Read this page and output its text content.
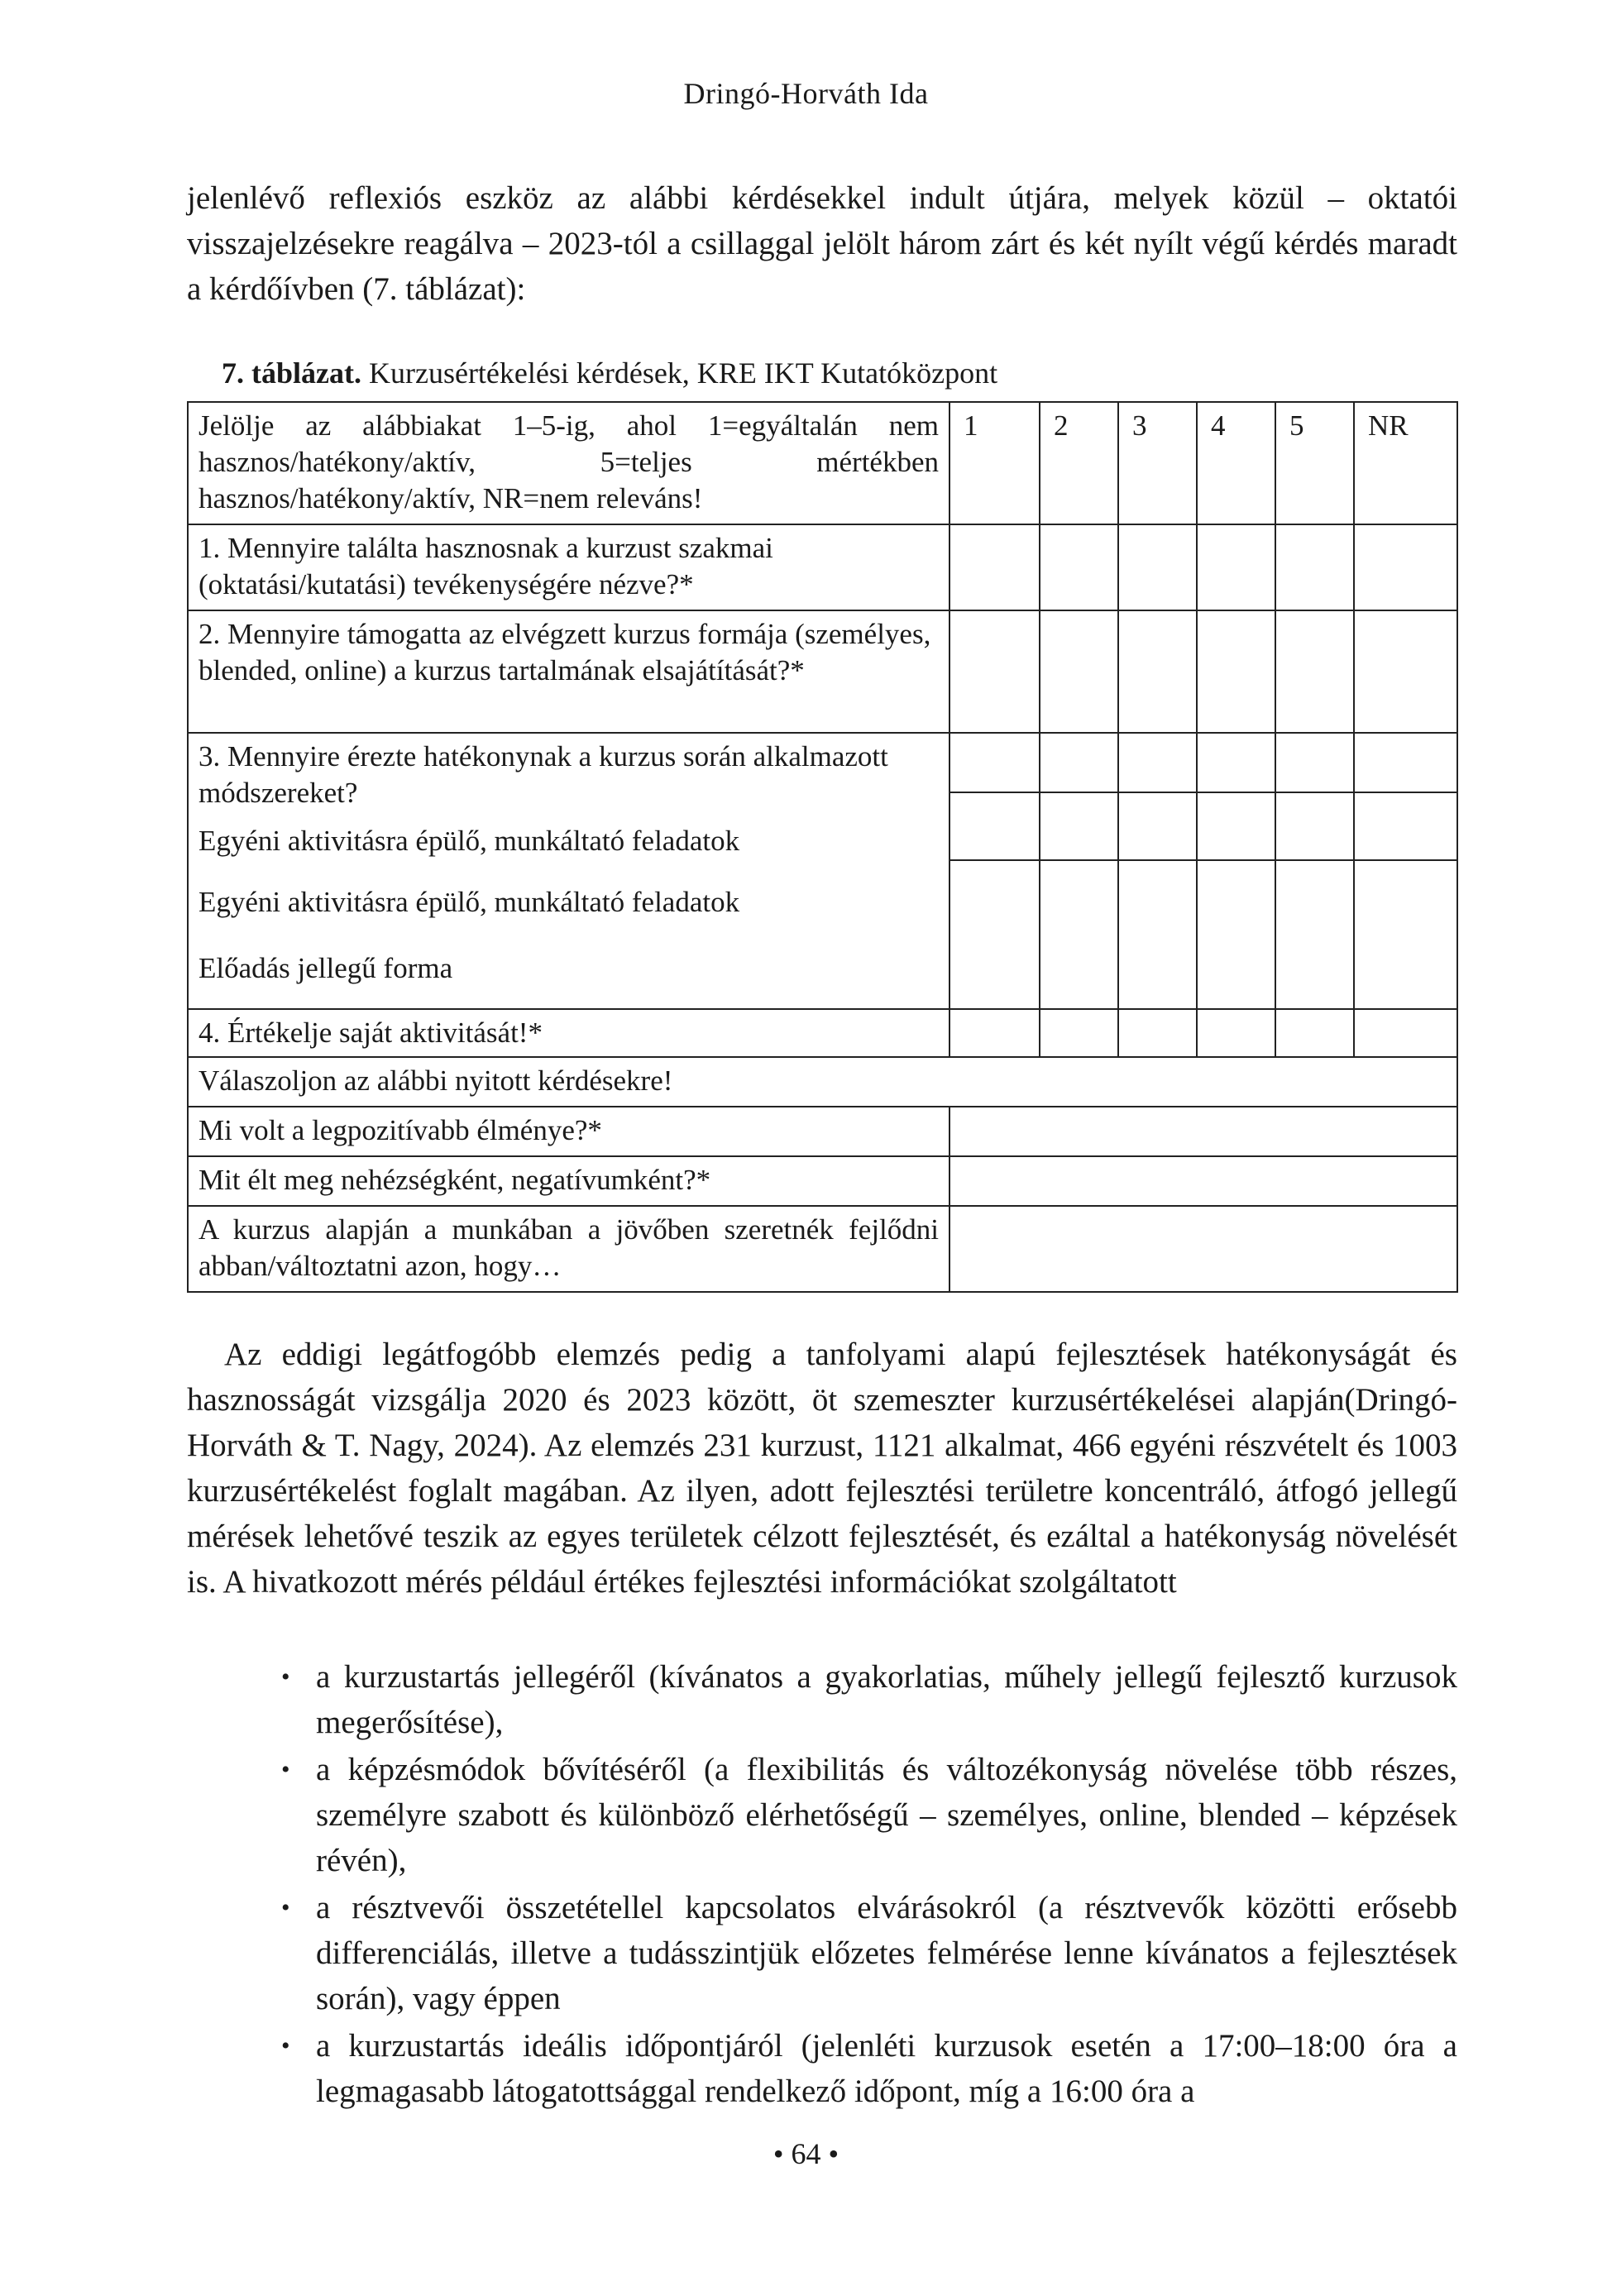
Dringó-Horváth Ida
jelenlévő reflexiós eszköz az alábbi kérdésekkel indult útjára, melyek közül – oktatói visszajelzésekre reagálva – 2023-tól a csillaggal jelölt három zárt és két nyílt végű kérdés maradt a kérdőívben (7. táblázat):
7. táblázat. Kurzusértékelési kérdések, KRE IKT Kutatóközpont
Jelölje az alábbiakat 1–5-ig, ahol 1=egyáltalán nem hasznos/hatékony/aktív, 5=teljes mértékben hasznos/hatékony/aktív, NR=nem releváns!	1	2	3	4	5	NR
1. Mennyire találta hasznosnak a kurzust szakmai (oktatási/kutatási) tevékenységére nézve?*						
2. Mennyire támogatta az elvégzett kurzus formája (személyes, blended, online) a kurzus tartalmának elsajátítását?*						

3. Mennyire érezte hatékonynak a kurzus során alkalmazott módszereket?
Egyéni aktivitásra épülő, munkáltató feladatok
Egyéni aktivitásra épülő, munkáltató feladatok
Előadás jellegű forma						

4. Értékelje saját aktivitását!*						
Válaszoljon az alábbi nyitott kérdésekre!						
Mi volt a legpozitívabb élménye?*						
Mit élt meg nehézségként, negatívumként?*						
A kurzus alapján a munkában a jövőben szeretnék fejlődni abban/változtatni azon, hogy…						
Az eddigi legátfogóbb elemzés pedig a tanfolyami alapú fejlesztések hatékonyságát és hasznosságát vizsgálja 2020 és 2023 között, öt szemeszter kurzusértékelései alapján(Dringó-Horváth & T. Nagy, 2024). Az elemzés 231 kurzust, 1121 alkalmat, 466 egyéni részvételt és 1003 kurzusértékelést foglalt magában. Az ilyen, adott fejlesztési területre koncentráló, átfogó jellegű mérések lehetővé teszik az egyes területek célzott fejlesztését, és ezáltal a hatékonyság növelését is. A hivatkozott mérés például értékes fejlesztési információkat szolgáltatott
• a kurzustartás jellegéről (kívánatos a gyakorlatias, műhely jellegű fejlesztő kurzusok megerősítése),
• a képzésmódok bővítéséről (a flexibilitás és változékonyság növelése több részes, személyre szabott és különböző elérhetőségű – személyes, online, blended – képzések révén),
• a résztvevői összetétellel kapcsolatos elvárásokról (a résztvevők közötti erősebb differenciálás, illetve a tudásszintjük előzetes felmérése lenne kívánatos a fejlesztések során), vagy éppen
• a kurzustartás ideális időpontjáról (jelenléti kurzusok esetén a 17:00–18:00 óra a legmagasabb látogatottsággal rendelkező időpont, míg a 16:00 óra a
• 64 •
